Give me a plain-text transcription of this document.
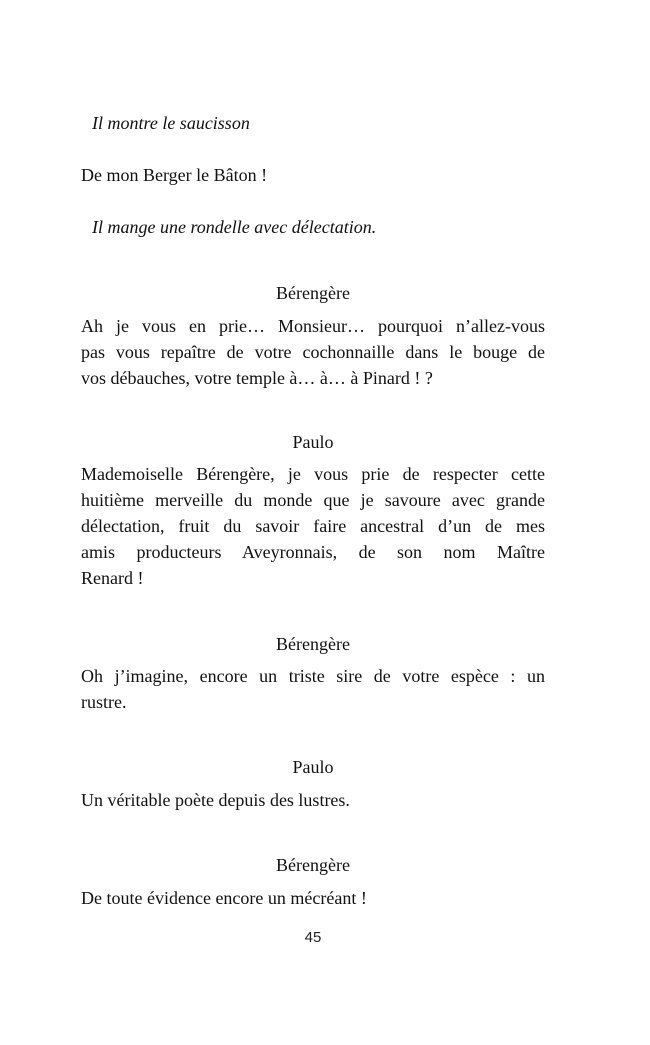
Il montre le saucisson

De mon Berger le Bâton !

Il mange une rondelle avec délectation.

Bérengère

Ah je vous en prie… Monsieur… pourquoi n’allez-vous
pas vous repaître de votre cochonnaille dans le bouge de
vos débauches, votre temple à… à… à Pinard ! ?

Paulo

Mademoiselle Bérengère, je vous prie de respecter cette
huitième merveille du monde que je savoure avec grande
délectation, fruit du savoir faire ancestral d’un de mes
amis producteurs Aveyronnais, de son nom Maître
Renard !

Bérengère

Oh j’imagine, encore un triste sire de votre espèce : un
rustre.

Paulo

Un véritable poète depuis des lustres.

Bérengère

De toute évidence encore un mécréant !
45
